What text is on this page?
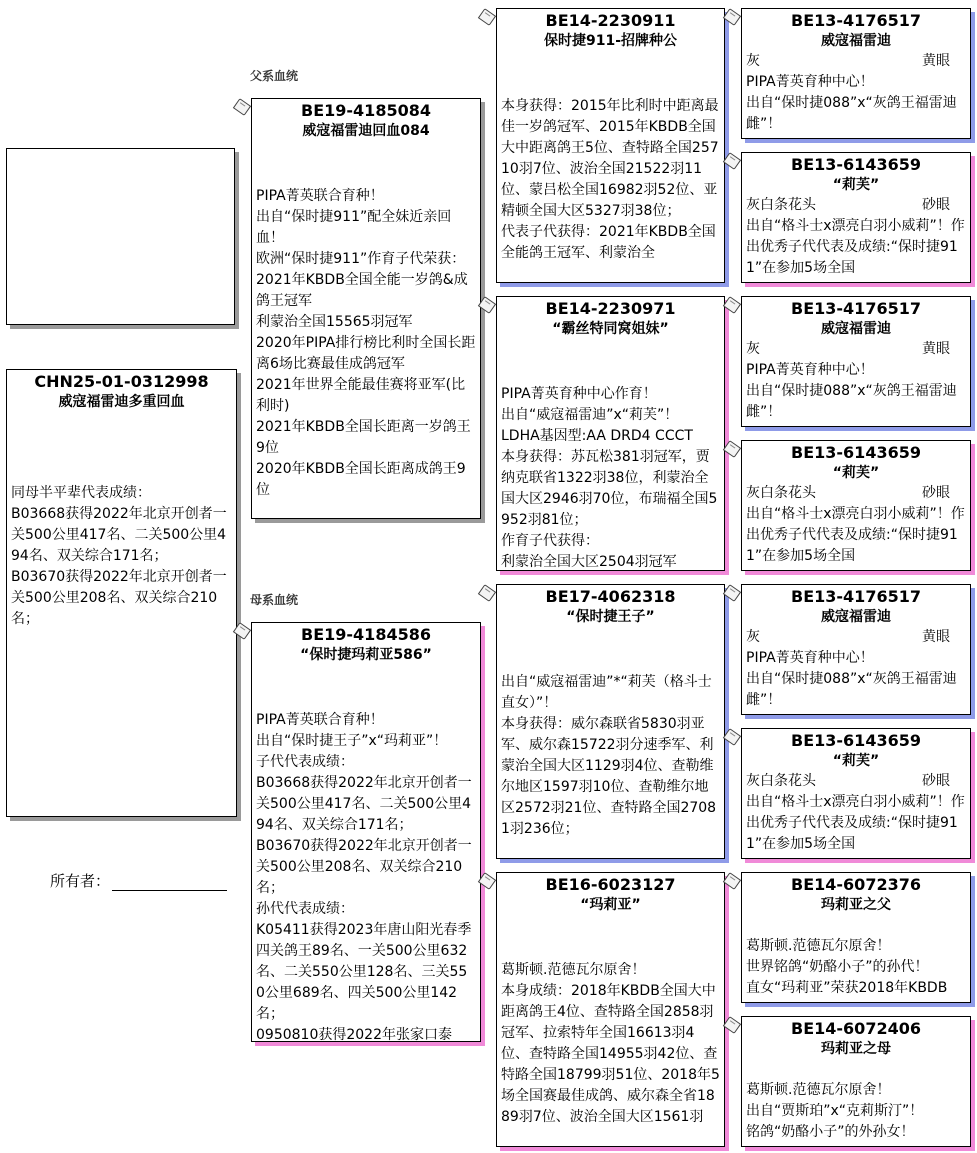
父系血统
母系血统
CHN25-01-0312998
威寇福雷迪多重回血
同母半平辈代表成绩：
B03668获得2022年北京开创者一关500公里417名、二关500公里494名、双关综合171名；
B03670获得2022年北京开创者一关500公里208名、双关综合210名；
所有者：
BE19-4185084
威寇福雷迪回血084
PIPA菁英联合育种！
出自“保时捷911”配全妹近亲回血！
欧洲“保时捷911”作育子代荣获：
2021年KBDB全国全能一岁鸽&成鸽王冠军
利蒙治全国15565羽冠军
2020年PIPA排行榜比利时全国长距离6场比赛最佳成鸽冠军
2021年世界全能最佳赛将亚军(比利时)
2021年KBDB全国长距离一岁鸽王9位
2020年KBDB全国长距离成鸽王9位
BE19-4184586
“保时捷玛莉亚586”
PIPA菁英联合育种！
出自“保时捷王子”x“玛莉亚”！
子代代表成绩：
B03668获得2022年北京开创者一关500公里417名、二关500公里494名、双关综合171名；
B03670获得2022年北京开创者一关500公里208名、双关综合210名；
孙代代表成绩：
K05411获得2023年唐山阳光春季四关鸽王89名、一关500公里632名、二关550公里128名、三关550公里689名、四关500公里142名；
0950810获得2022年张家口泰
BE14-2230911
保时捷911-招牌种公
本身获得：2015年比利时中距离最佳一岁鸽冠军、2015年KBDB全国大中距离鸽王5位、查特路全国25710羽7位、波治全国21522羽11位、蒙吕松全国16982羽52位、亚精顿全国大区5327羽38位；
代表子代获得：2021年KBDB全国全能鸽王冠军、利蒙治全
BE14-2230971
“霸丝特同窝姐妹”
PIPA菁英育种中心作育！
出自“威寇福雷迪”x“莉芙”！
LDHA基因型:AA DRD4 CCCT
本身获得：苏瓦松381羽冠军，贾纳克联省1322羽38位，利蒙治全国大区2946羽70位，布瑞福全国5952羽81位；
作育子代获得：
利蒙治全国大区2504羽冠军
BE17-4062318
“保时捷王子”
出自“威寇福雷迪”*“莉芙（格斗士直女）”！
本身获得：威尔森联省5830羽亚军、威尔森15722羽分速季军、利蒙治全国大区1129羽4位、查勒维尔地区1597羽10位、查勒维尔地区2572羽21位、查特路全国27081羽236位；
BE16-6023127
“玛莉亚”
葛斯顿.范德瓦尔原舍！
本身成绩：2018年KBDB全国大中距离鸽王4位、查特路全国2858羽冠军、拉索特年全国16613羽4位、查特路全国14955羽42位、查特路全国18799羽51位、2018年5场全国赛最佳成鸽、威尔森全省1889羽7位、波治全国大区1561羽
BE13-4176517
威寇福雷迪
灰	黄眼
PIPA菁英育种中心！
出自“保时捷088”x“灰鸽王福雷迪雌”！
BE13-6143659
“莉芙”
灰白条花头	砂眼
出自“格斗士x漂亮白羽小威莉”！作出优秀子代代表及成绩:“保时捷911”在参加5场全国
BE13-4176517
威寇福雷迪
灰	黄眼
PIPA菁英育种中心！
出自“保时捷088”x“灰鸽王福雷迪雌”！
BE13-6143659
“莉芙”
灰白条花头	砂眼
出自“格斗士x漂亮白羽小威莉”！作出优秀子代代表及成绩:“保时捷911”在参加5场全国
BE13-4176517
威寇福雷迪
灰	黄眼
PIPA菁英育种中心！
出自“保时捷088”x“灰鸽王福雷迪雌”！
BE13-6143659
“莉芙”
灰白条花头	砂眼
出自“格斗士x漂亮白羽小威莉”！作出优秀子代代表及成绩:“保时捷911”在参加5场全国
BE14-6072376
玛莉亚之父
葛斯顿.范德瓦尔原舍！
世界铭鸽“奶酪小子”的孙代！
直女“玛莉亚”荣获2018年KBDB
BE14-6072406
玛莉亚之母
葛斯顿.范德瓦尔原舍！
出自“贾斯珀”x“克莉斯汀”！
铭鸽“奶酪小子”的外孙女！
